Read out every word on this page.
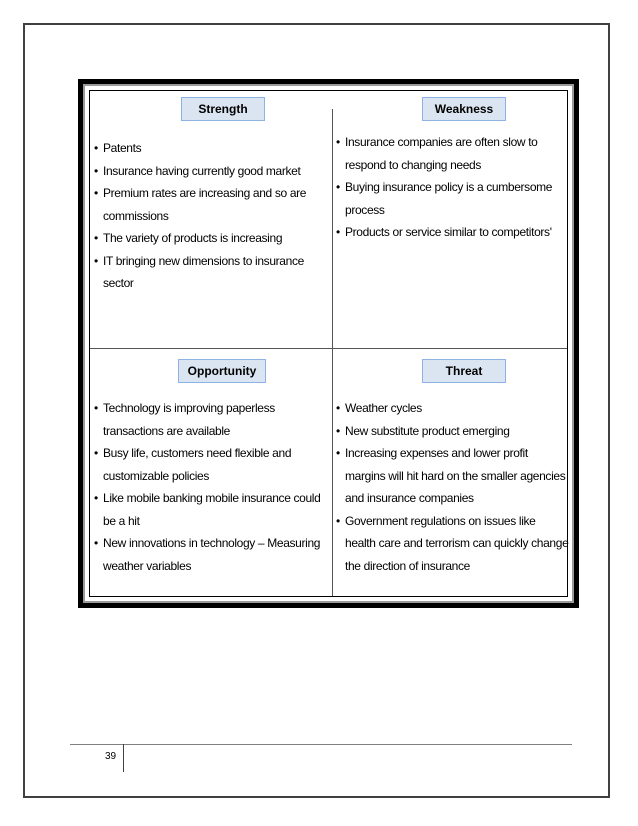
Strength
• Patents
• Insurance having currently good market
• Premium rates are increasing and so are commissions
• The variety of products is increasing
• IT bringing new dimensions to insurance sector
Weakness
• Insurance companies are often slow to respond to changing needs
• Buying insurance policy is a cumbersome process
• Products or service similar to competitors'
Opportunity
• Technology is improving paperless transactions are available
• Busy life, customers need flexible and customizable policies
• Like mobile banking mobile insurance could be a hit
• New innovations in technology – Measuring weather variables
Threat
• Weather cycles
• New substitute product emerging
• Increasing expenses and lower profit margins will hit hard on the smaller agencies and insurance companies
• Government regulations on issues like health care and terrorism can quickly change the direction of insurance
39
